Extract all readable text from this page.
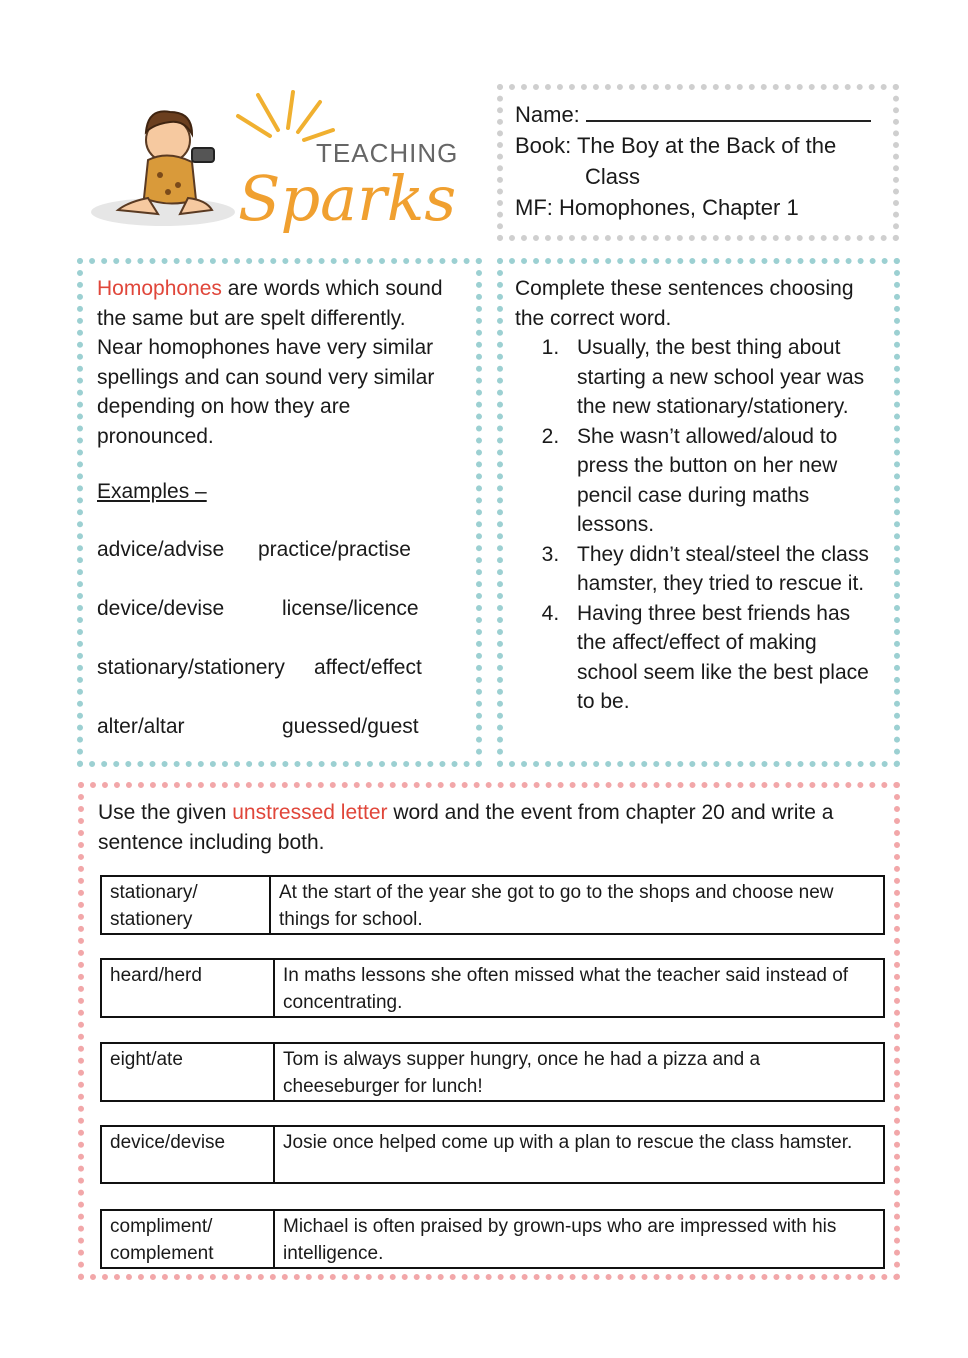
TEACHING
Sparks
Name:
Book: The Boy at the Back of the
Class
MF: Homophones, Chapter 1
Homophones are words which sound
the same but are spelt differently.
Near homophones have very similar
spellings and can sound very similar
depending on how they are
pronounced.
Examples –
advice/advise practice/practise
device/devise	license/licence
stationary/stationery affect/effect
alter/altar	guessed/guest
Complete these sentences choosing the correct word.
1. Usually, the best thing about starting a new school year was the new stationary/stationery.
2. She wasn’t allowed/aloud to press the button on her new pencil case during maths lessons.
3. They didn’t steal/steel the class hamster, they tried to rescue it.
4. Having three best friends has the affect/effect of making school seem like the best place to be.
Use the given unstressed letter word and the event from chapter 20 and write a sentence including both.
stationary/ stationery	At the start of the year she got to go to the shops and choose new things for school.
heard/herd	In maths lessons she often missed what the teacher said instead of concentrating.
eight/ate	Tom is always supper hungry, once he had a pizza and a cheeseburger for lunch!
device/devise	Josie once helped come up with a plan to rescue the class hamster.
compliment/ complement	Michael is often praised by grown-ups who are impressed with his intelligence.
